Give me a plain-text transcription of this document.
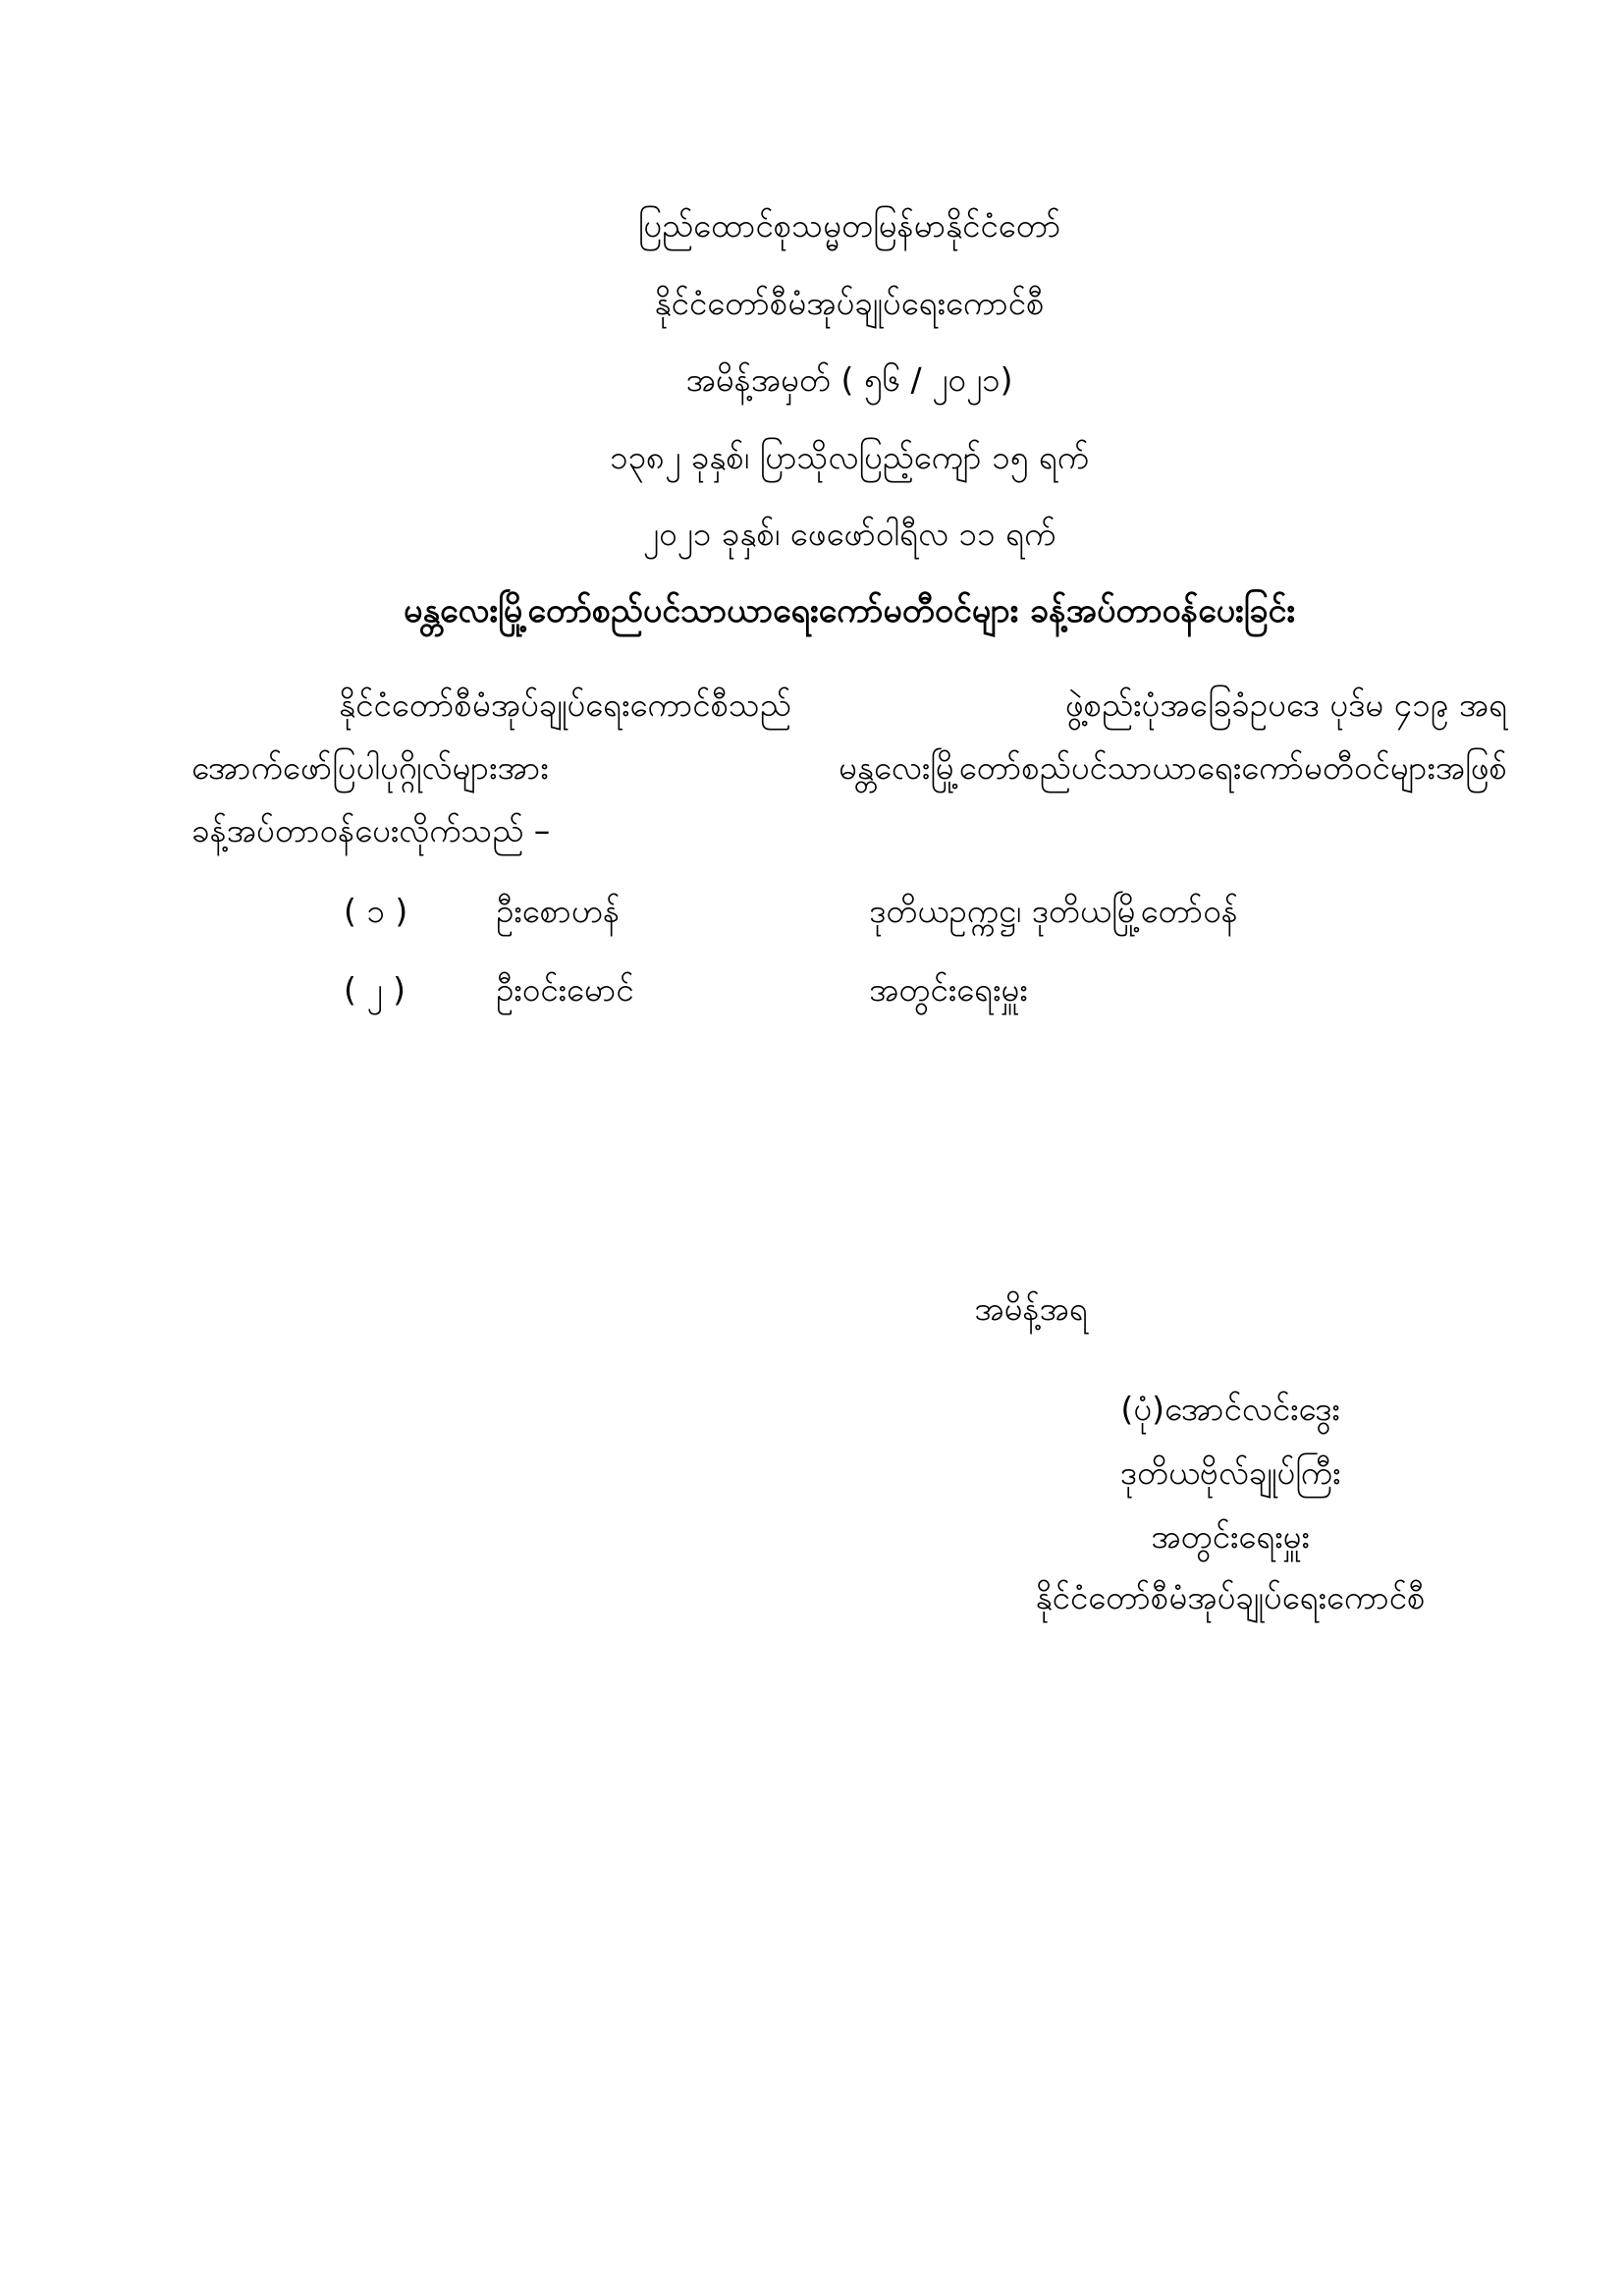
ပြည်ထောင်စုသမ္မတမြန်မာနိုင်ငံတော်
နိုင်ငံတော်စီမံအုပ်ချုပ်ရေးကောင်စီ
အမိန့်အမှတ် ( ၅၆ / ၂၀၂၁)
၁၃၈၂ ခုနှစ်၊ ပြာသိုလပြည့်ကျော် ၁၅ ရက်
၂၀၂၁ ခုနှစ်၊ ဖေဖော်ဝါရီလ ၁၁ ရက်
မန္တလေးမြို့တော်စည်ပင်သာယာရေးကော်မတီဝင်များ ခန့်အပ်တာဝန်ပေးခြင်း
နိုင်ငံတော်စီမံအုပ်ချုပ်ရေးကောင်စီသည်	ဖွဲ့စည်းပုံအခြေခံဥပဒေ ပုဒ်မ ၄၁၉ အရ
အောက်ဖော်ပြပါပုဂ္ဂိုလ်များအား	မန္တလေးမြို့တော်စည်ပင်သာယာရေးကော်မတီဝင်များအဖြစ်
ခန့်အပ်တာဝန်ပေးလိုက်သည် –
( ၁ )	ဦးစောဟန်	ဒုတိယဥက္ကဋ္ဌ၊ ဒုတိယမြို့တော်ဝန်
( ၂ )	ဦးဝင်းမောင်	အတွင်းရေးမှူး
အမိန့်အရ
(ပုံ)အောင်လင်းဒွေး
ဒုတိယဗိုလ်ချုပ်ကြီး
အတွင်းရေးမှူး
နိုင်ငံတော်စီမံအုပ်ချုပ်ရေးကောင်စီ
